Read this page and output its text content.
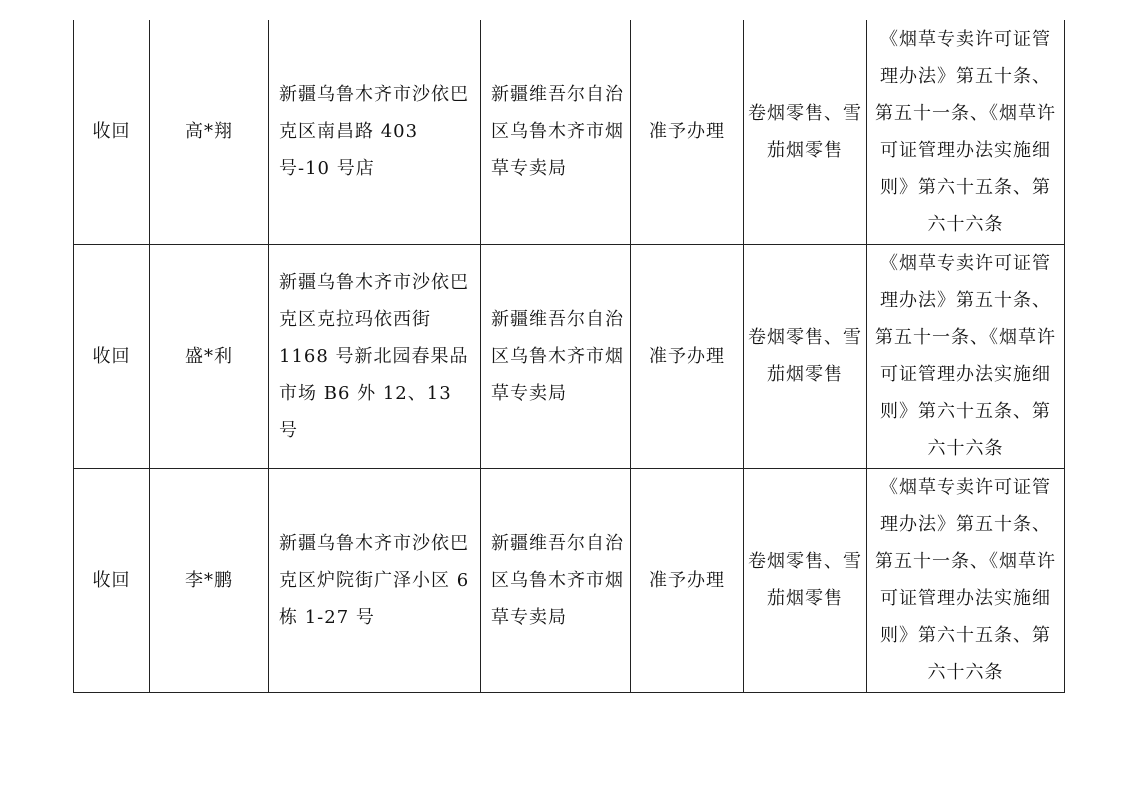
收回	高*翔	新疆乌鲁木齐市沙依巴克区南昌路 403 号-10 号店	新疆维吾尔自治区乌鲁木齐市烟草专卖局	准予办理	卷烟零售、雪茄烟零售	《烟草专卖许可证管理办法》第五十条、第五十一条、《烟草许可证管理办法实施细则》第六十五条、第六十六条

收回	盛*利	新疆乌鲁木齐市沙依巴克区克拉玛依西街 1168 号新北园春果品市场 B6 外 12、13 号	新疆维吾尔自治区乌鲁木齐市烟草专卖局	准予办理	卷烟零售、雪茄烟零售	《烟草专卖许可证管理办法》第五十条、第五十一条、《烟草许可证管理办法实施细则》第六十五条、第六十六条

收回	李*鹏	新疆乌鲁木齐市沙依巴克区炉院街广泽小区 6 栋 1-27 号	新疆维吾尔自治区乌鲁木齐市烟草专卖局	准予办理	卷烟零售、雪茄烟零售	《烟草专卖许可证管理办法》第五十条、第五十一条、《烟草许可证管理办法实施细则》第六十五条、第六十六条
